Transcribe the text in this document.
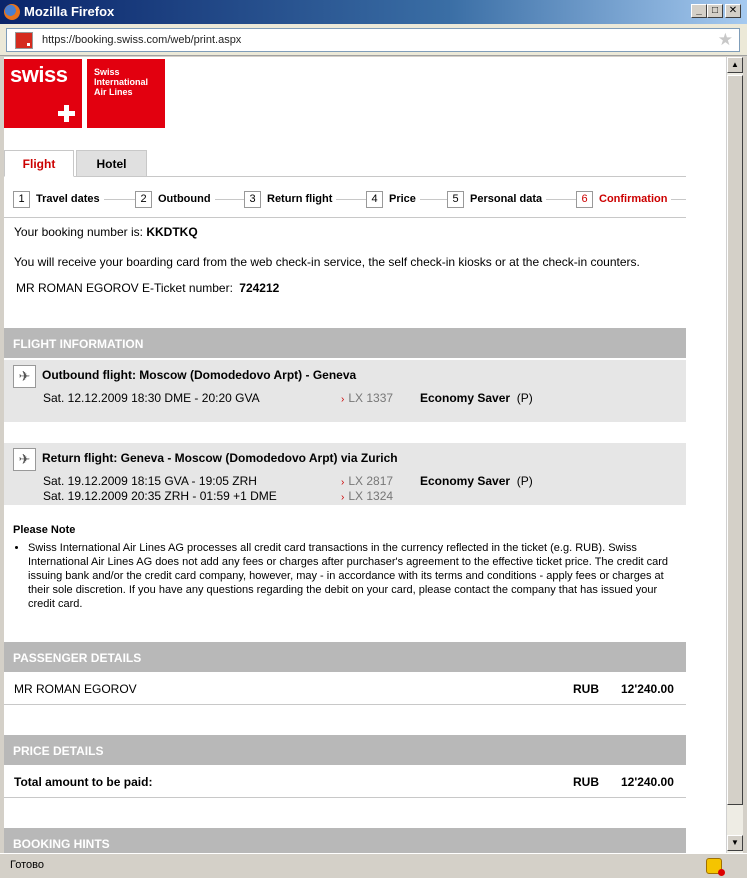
Mozilla Firefox	_	□	✕
https://booking.swiss.com/web/print.aspx	★
swiss	Swiss
International
Air Lines
Flight	Hotel
1	Travel dates	2	Outbound	3	Return flight	4	Price	5	Personal data	6	Confirmation
Your booking number is: KKDTKQ
You will receive your boarding card from the web check-in service, the self check-in kiosks or at the check-in counters.
MR ROMAN EGOROV E-Ticket number: 724212
FLIGHT INFORMATION
✈ Outbound flight: Moscow (Domodedovo Arpt) - Geneva
Sat. 12.12.2009 18:30 DME - 20:20 GVA	› LX 1337 Economy Saver (P)
✈ Return flight: Geneva - Moscow (Domodedovo Arpt) via Zurich
Sat. 19.12.2009 18:15 GVA - 19:05 ZRH	› LX 2817 Economy Saver (P)
Sat. 19.12.2009 20:35 ZRH - 01:59 +1 DME	› LX 1324
Please Note
• Swiss International Air Lines AG processes all credit card transactions in the currency reflected in the ticket (e.g. RUB). Swiss International Air Lines AG does not add any fees or charges after purchaser's agreement to the effective ticket price. The credit card issuing bank and/or the credit card company, however, may - in accordance with its terms and conditions - apply fees or charges at their sole discretion. If you have any questions regarding the debit on your card, please contact the company that has issued your credit card.
PASSENGER DETAILS
MR ROMAN EGOROV	RUB 12'240.00
PRICE DETAILS
Total amount to be paid:	RUB 12'240.00
BOOKING HINTS
▲
▼
Готово
